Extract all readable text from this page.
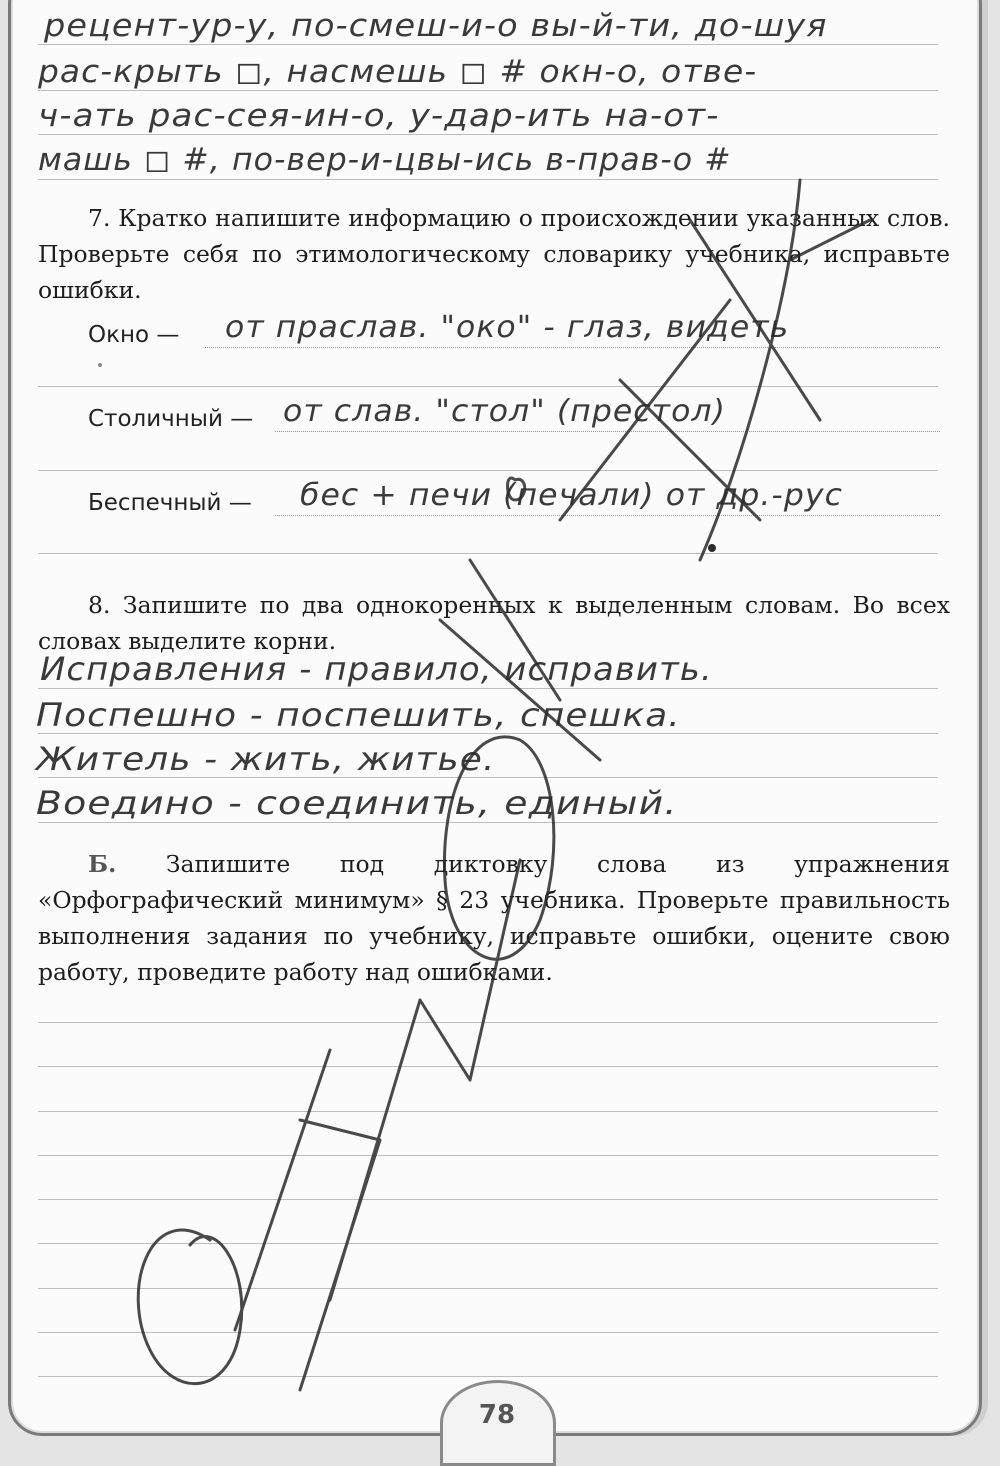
рецент-ур-у, по-смеш-и-о вы-й-ти, до-шуя
рас-крыть ◻, насмешь ◻ # окн-о, отве-
ч-ать рас-сея-ин-о, у-дар-ить на-от-
машь ◻ #, по-вер-и-цвы-ись в-прав-о #
7. Кратко напишите информацию о происхождении указанных слов. Проверьте себя по этимологическому словарику учебника, исправьте ошибки.
Окно — от праслав. "око" - глаз, видеть
Столичный — от слав. "стол" (престол)
Беспечный — бес + печи (печали) от др.-рус
8. Запишите по два однокоренных к выделенным словам. Во всех словах выделите корни.
Исправления - правило, исправить.
Поспешно - поспешить, спешка.
Житель - жить, житье.
Воедино - соединить, единый.
Б. Запишите под диктовку слова из упражнения «Орфографический минимум» § 23 учебника. Проверьте правильность выполнения задания по учебнику, исправьте ошибки, оцените свою работу, проведите работу над ошибками.
78
